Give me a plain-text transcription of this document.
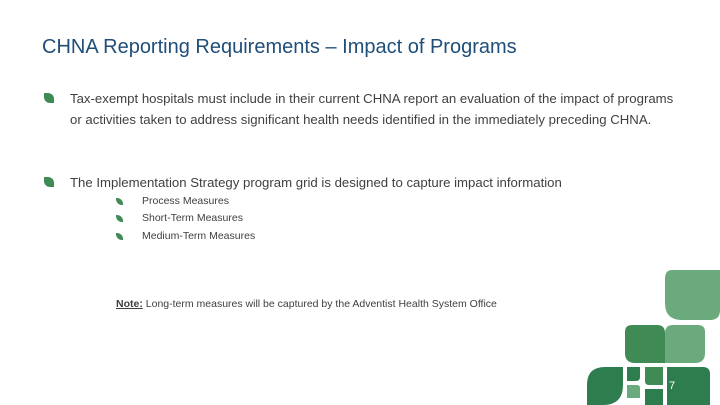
CHNA Reporting Requirements – Impact of Programs
Tax-exempt hospitals must include in their current CHNA report an evaluation of the impact of programs or activities taken to address significant health needs identified in the immediately preceding CHNA.
The Implementation Strategy program grid is designed to capture impact information
Process Measures
Short-Term Measures
Medium-Term Measures
Note: Long-term measures will be captured by the Adventist Health System Office
7
